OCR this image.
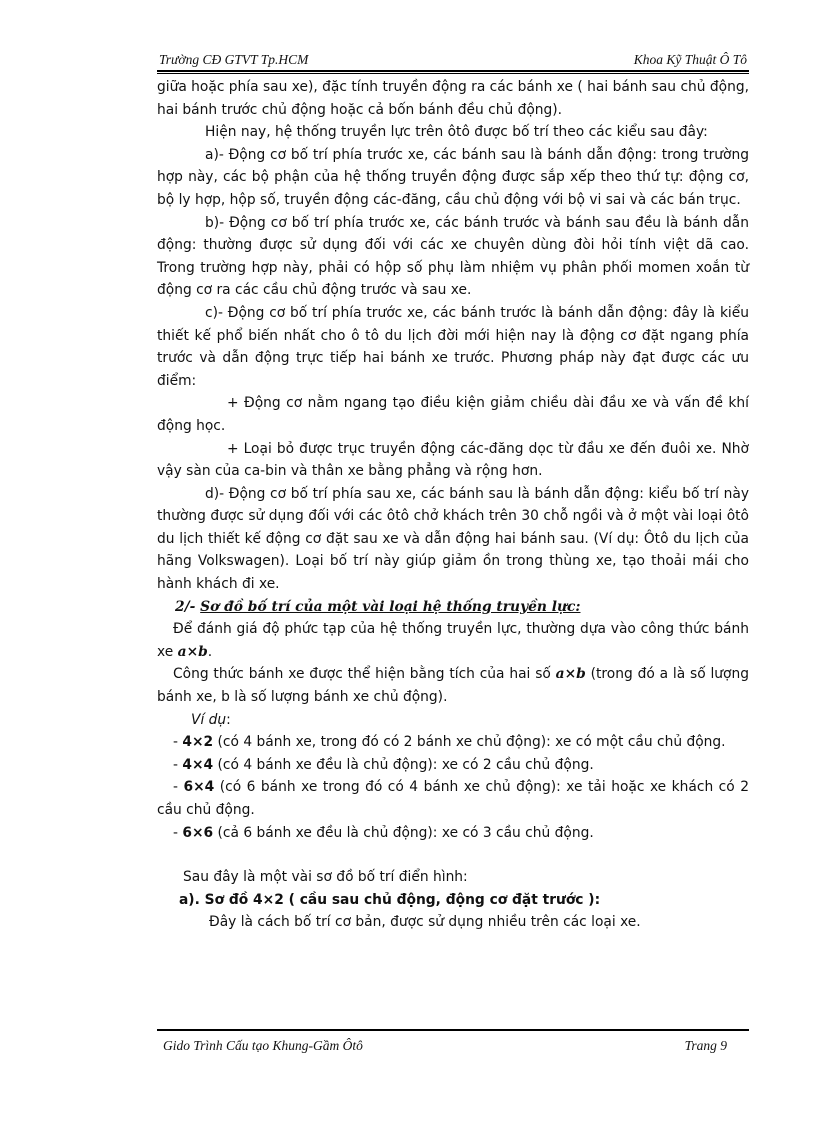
Trường CĐ GTVT Tp.HCM	Khoa Kỹ Thuật Ô Tô

giữa hoặc phía sau xe), đặc tính truyền động ra các bánh xe ( hai bánh sau chủ động, hai bánh trước chủ động hoặc cả bốn bánh đều chủ động).

Hiện nay, hệ thống truyền lực trên ôtô được bố trí theo các kiểu sau đây:

a)- Động cơ bố trí phía trước xe, các bánh sau là bánh dẫn động: trong trường hợp này, các bộ phận của hệ thống truyền động được sắp xếp theo thứ tự: động cơ, bộ ly hợp, hộp số, truyền động các-đăng, cầu chủ động với bộ vi sai và các bán trục.

b)- Động cơ bố trí phía trước xe, các bánh trước và bánh sau đều là bánh dẫn động: thường được sử dụng đối với các xe chuyên dùng đòi hỏi tính việt dã cao. Trong trường hợp này, phải có hộp số phụ làm nhiệm vụ phân phối momen xoắn từ động cơ ra các cầu chủ động trước và sau xe.

c)- Động cơ bố trí phía trước xe, các bánh trước là bánh dẫn động: đây là kiểu thiết kế phổ biến nhất cho ô tô du lịch đời mới hiện nay là động cơ đặt ngang phía trước và dẫn động trực tiếp hai bánh xe trước. Phương pháp này đạt được các ưu điểm:

+ Động cơ nằm ngang tạo điều kiện giảm chiều dài đầu xe và vấn đề khí động học.

+ Loại bỏ được trục truyền động các-đăng dọc từ đầu xe đến đuôi xe. Nhờ vậy sàn của ca-bin và thân xe bằng phẳng và rộng hơn.

d)- Động cơ bố trí phía sau xe, các bánh sau là bánh dẫn động: kiểu bố trí này thường được sử dụng đối với các ôtô chở khách trên 30 chỗ ngồi và ở một vài loại ôtô du lịch thiết kế động cơ đặt sau xe và dẫn động hai bánh sau. (Ví dụ: Ôtô du lịch của hãng Volkswagen). Loại bố trí này giúp giảm ồn trong thùng xe, tạo thoải mái cho hành khách đi xe.

2/- Sơ đồ bố trí của một vài loại hệ thống truyền lực:

Để đánh giá độ phức tạp của hệ thống truyền lực, thường dựa vào công thức bánh xe a×b.

Công thức bánh xe được thể hiện bằng tích của hai số a×b (trong đó a là số lượng bánh xe, b là số lượng bánh xe chủ động).

Ví dụ:

- 4×2 (có 4 bánh xe, trong đó có 2 bánh xe chủ động): xe có một cầu chủ động.

- 4×4 (có 4 bánh xe đều là chủ động): xe có 2 cầu chủ động.

- 6×4 (có 6 bánh xe trong đó có 4 bánh xe chủ động): xe tải hoặc xe khách có 2 cầu chủ động.

- 6×6 (cả 6 bánh xe đều là chủ động): xe có 3 cầu chủ động.

Sau đây là một vài sơ đồ bố trí điển hình:

a). Sơ đồ 4×2 ( cầu sau chủ động, động cơ đặt trước ):

Đây là cách bố trí cơ bản, được sử dụng nhiều trên các loại xe.

Gido Trình Cấu tạo Khung-Gầm Ôtô	Trang 9
